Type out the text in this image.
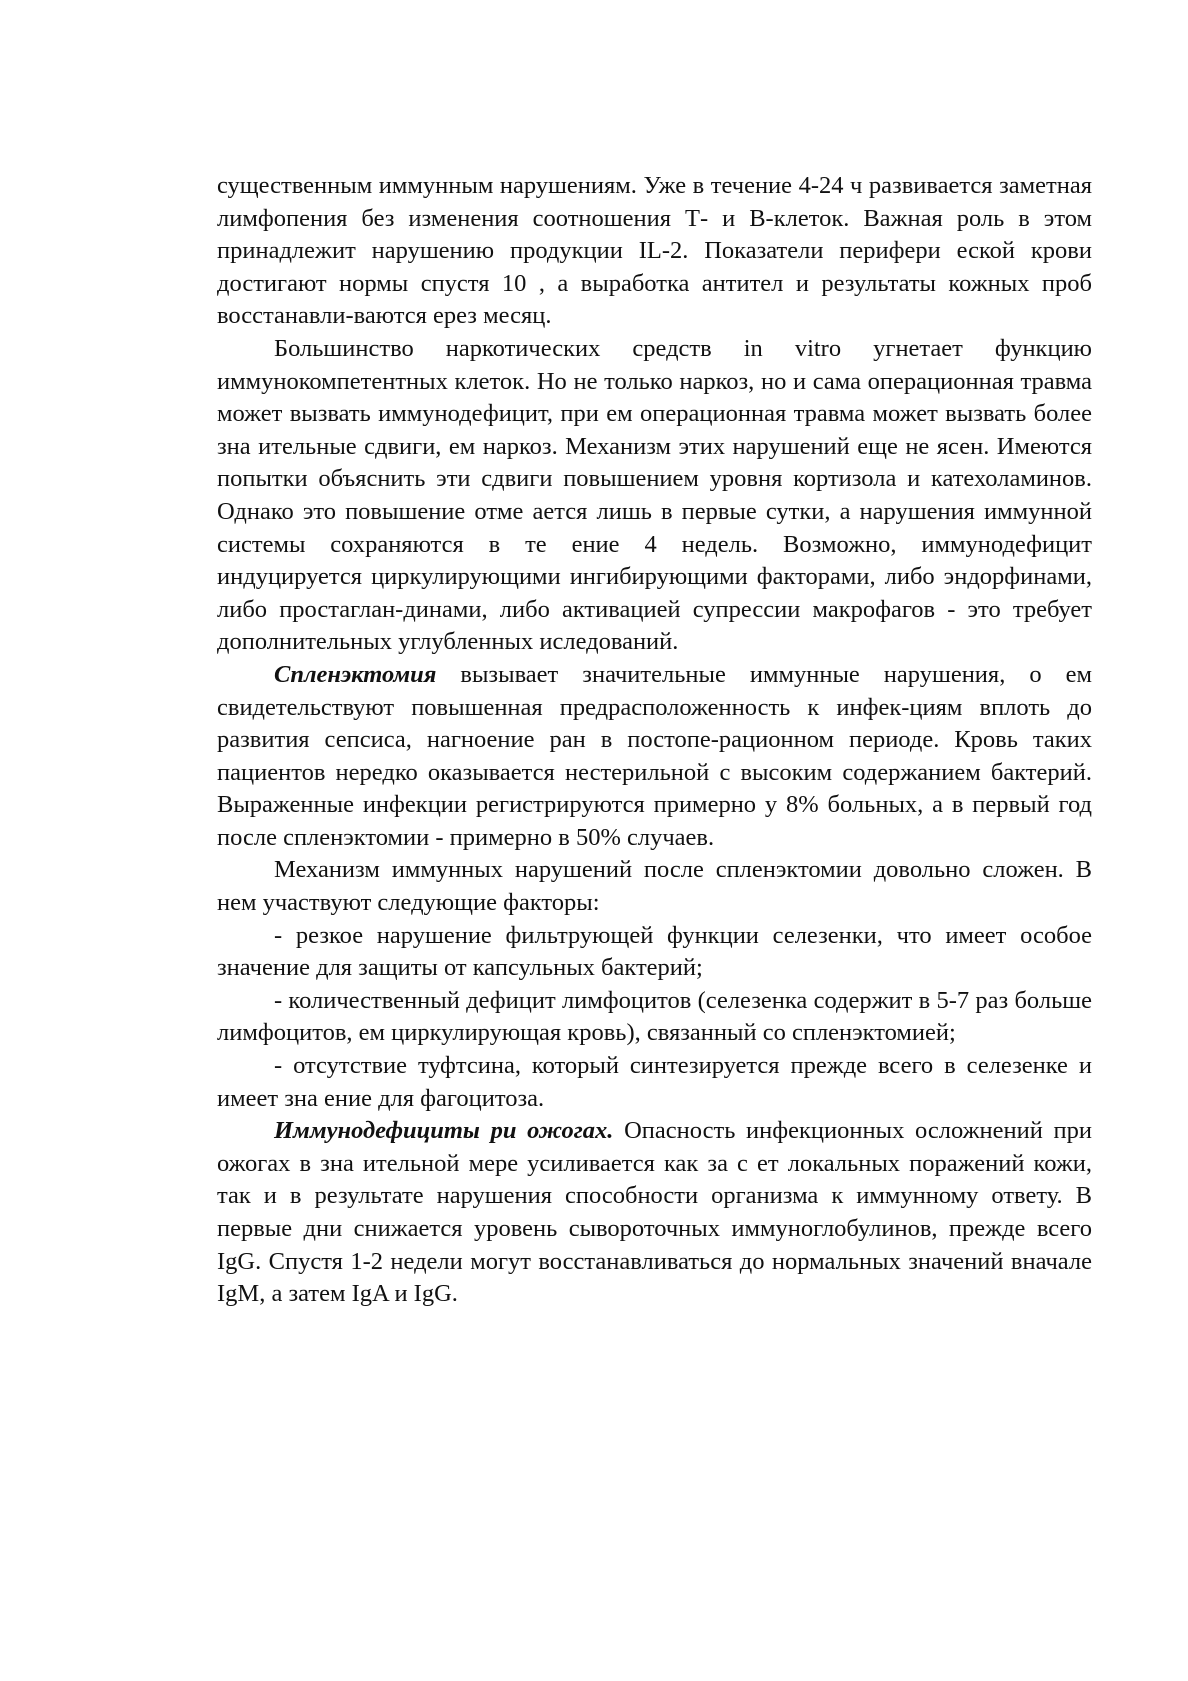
существенным иммунным нарушениям. Уже в течение 4-24 ч развивается заметная лимфопения без изменения соотношения Т- и В-клеток. Важная роль в этом принадлежит нарушению продукции IL-2. Показатели перифери еской крови достигают нормы спустя 10 , а выработка антител и результаты кожных проб восстанавли-ваются ерез месяц.

Большинство наркотических средств in vitro угнетает функцию иммунокомпетентных клеток. Но не только наркоз, но и сама операционная травма может вызвать иммунодефицит, при ем операционная травма может вызвать более зна ительные сдвиги, ем наркоз. Механизм этих нарушений еще не ясен. Имеются попытки объяснить эти сдвиги повышением уровня кортизола и катехоламинов. Однако это повышение отме ается лишь в первые сутки, а нарушения иммунной системы сохраняются в те ение 4 недель. Возможно, иммунодефицит индуцируется циркулирующими ингибирующими факторами, либо эндорфинами, либо простаглан-динами, либо активацией супрессии макрофагов - это требует дополнительных углубленных иследований.

Спленэктомия вызывает значительные иммунные нарушения, о ем свидетельствуют повышенная предрасположенность к инфек-циям вплоть до развития сепсиса, нагноение ран в постопе-рационном периоде. Кровь таких пациентов нередко оказывается нестерильной с высоким содержанием бактерий. Выраженные инфекции регистрируются примерно у 8% больных, а в первый год после спленэктомии - примерно в 50% случаев.

Механизм иммунных нарушений после спленэктомии довольно сложен. В нем участвуют следующие факторы:

- резкое нарушение фильтрующей функции селезенки, что имеет особое значение для защиты от капсульных бактерий;

- количественный дефицит лимфоцитов (селезенка содержит в 5-7 раз больше лимфоцитов, ем циркулирующая кровь), связанный со спленэктомией;

- отсутствие туфтсина, который синтезируется прежде всего в селезенке и имеет зна ение для фагоцитоза.

Иммунодефициты ри ожогах. Опасность инфекционных осложнений при ожогах в зна ительной мере усиливается как за с ет локальных поражений кожи, так и в результате нарушения способности организма к иммунному ответу. В первые дни снижается уровень сывороточных иммуноглобулинов, прежде всего IgG. Спустя 1-2 недели могут восстанавливаться до нормальных значений вначале IgM, а затем IgA и IgG.
